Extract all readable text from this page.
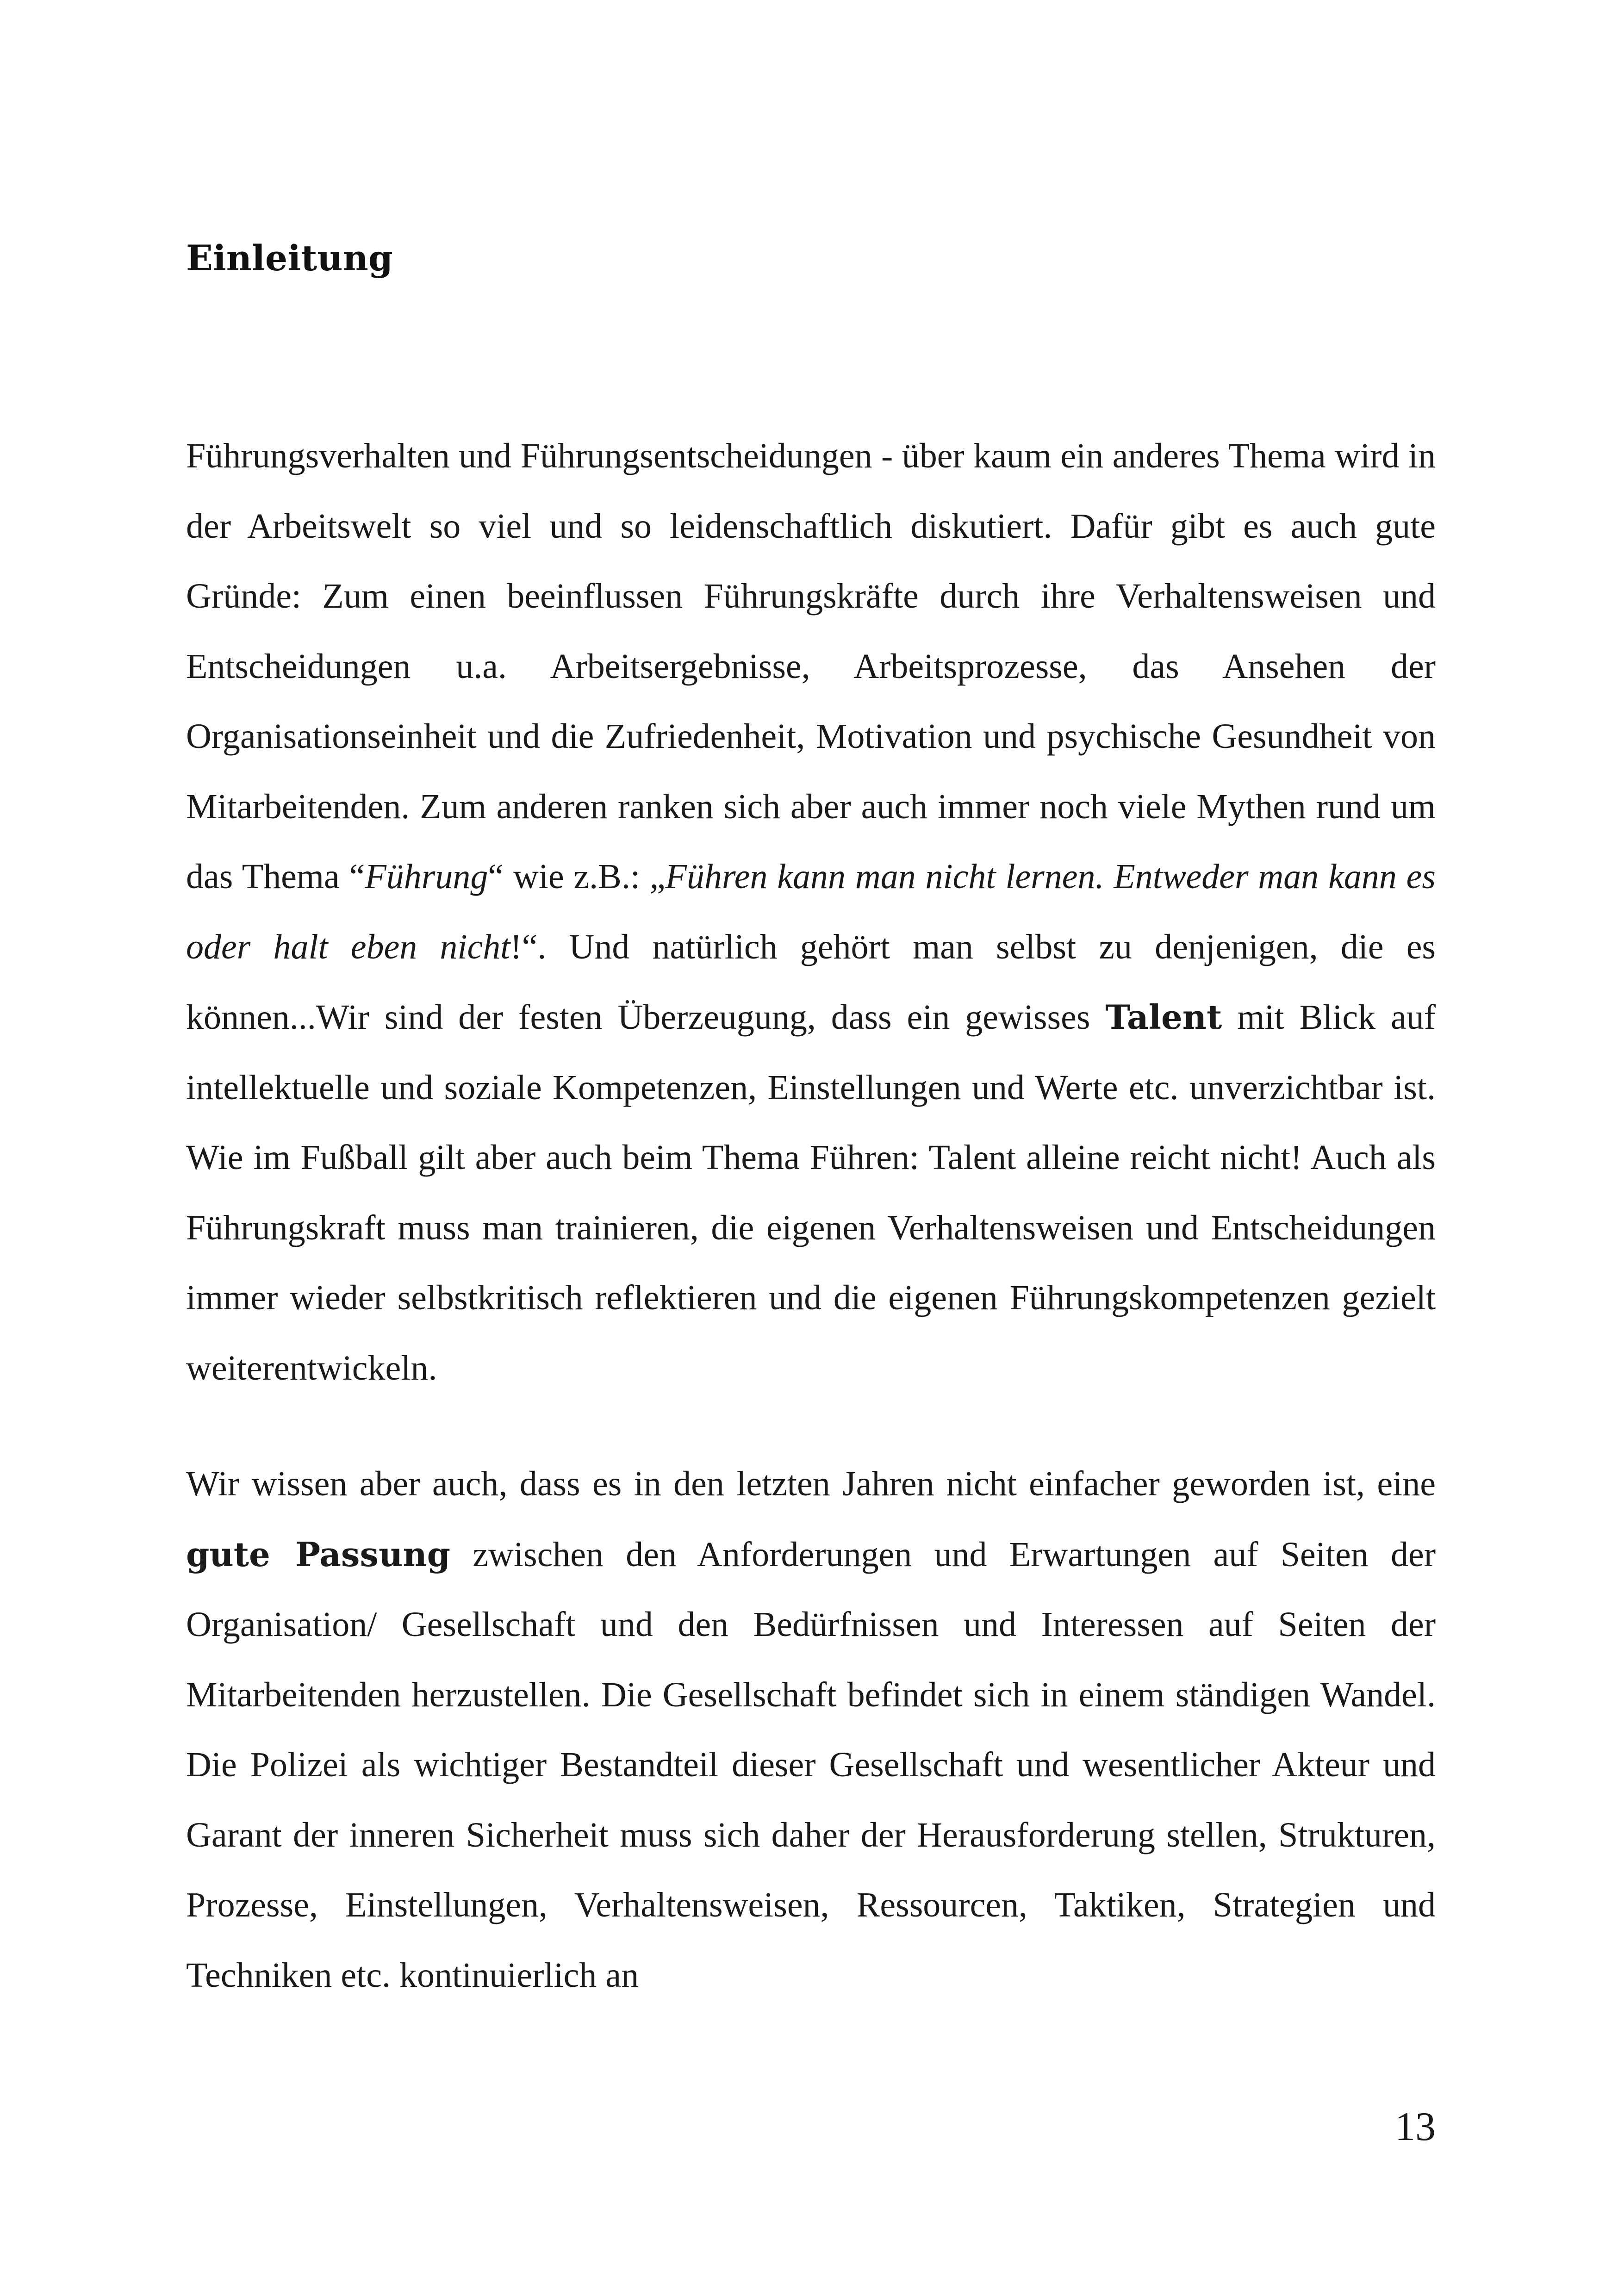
Einleitung

Führungsverhalten und Führungsentscheidungen - über kaum ein anderes Thema wird in der Arbeitswelt so viel und so leidenschaftlich diskutiert. Dafür gibt es auch gute Gründe: Zum einen beeinflussen Führungskräfte durch ihre Verhaltensweisen und Entscheidungen u.a. Arbeitsergebnisse, Arbeitsprozesse, das Ansehen der Organisationseinheit und die Zufriedenheit, Motivation und psychische Gesundheit von Mitarbeitenden. Zum anderen ranken sich aber auch immer noch viele Mythen rund um das Thema “Führung“ wie z.B.: „Führen kann man nicht lernen. Entweder man kann es oder halt eben nicht!“. Und natürlich gehört man selbst zu denjenigen, die es können...Wir sind der festen Überzeugung, dass ein gewisses Talent mit Blick auf intellektuelle und soziale Kompetenzen, Einstellungen und Werte etc. unverzichtbar ist. Wie im Fußball gilt aber auch beim Thema Führen: Talent alleine reicht nicht! Auch als Führungskraft muss man trainieren, die eigenen Verhaltensweisen und Entscheidungen immer wieder selbstkritisch reflektieren und die eigenen Führungskompetenzen gezielt weiterentwickeln.

Wir wissen aber auch, dass es in den letzten Jahren nicht einfacher geworden ist, eine gute Passung zwischen den Anforderungen und Erwartungen auf Seiten der Organisation/ Gesellschaft und den Bedürfnissen und Interessen auf Seiten der Mitarbeitenden herzustellen. Die Gesellschaft befindet sich in einem ständigen Wandel. Die Polizei als wichtiger Bestandteil dieser Gesellschaft und wesentlicher Akteur und Garant der inneren Sicherheit muss sich daher der Herausforderung stellen, Strukturen, Prozesse, Einstellungen, Verhaltensweisen, Ressourcen, Taktiken, Strategien und Techniken etc. kontinuierlich an

13
